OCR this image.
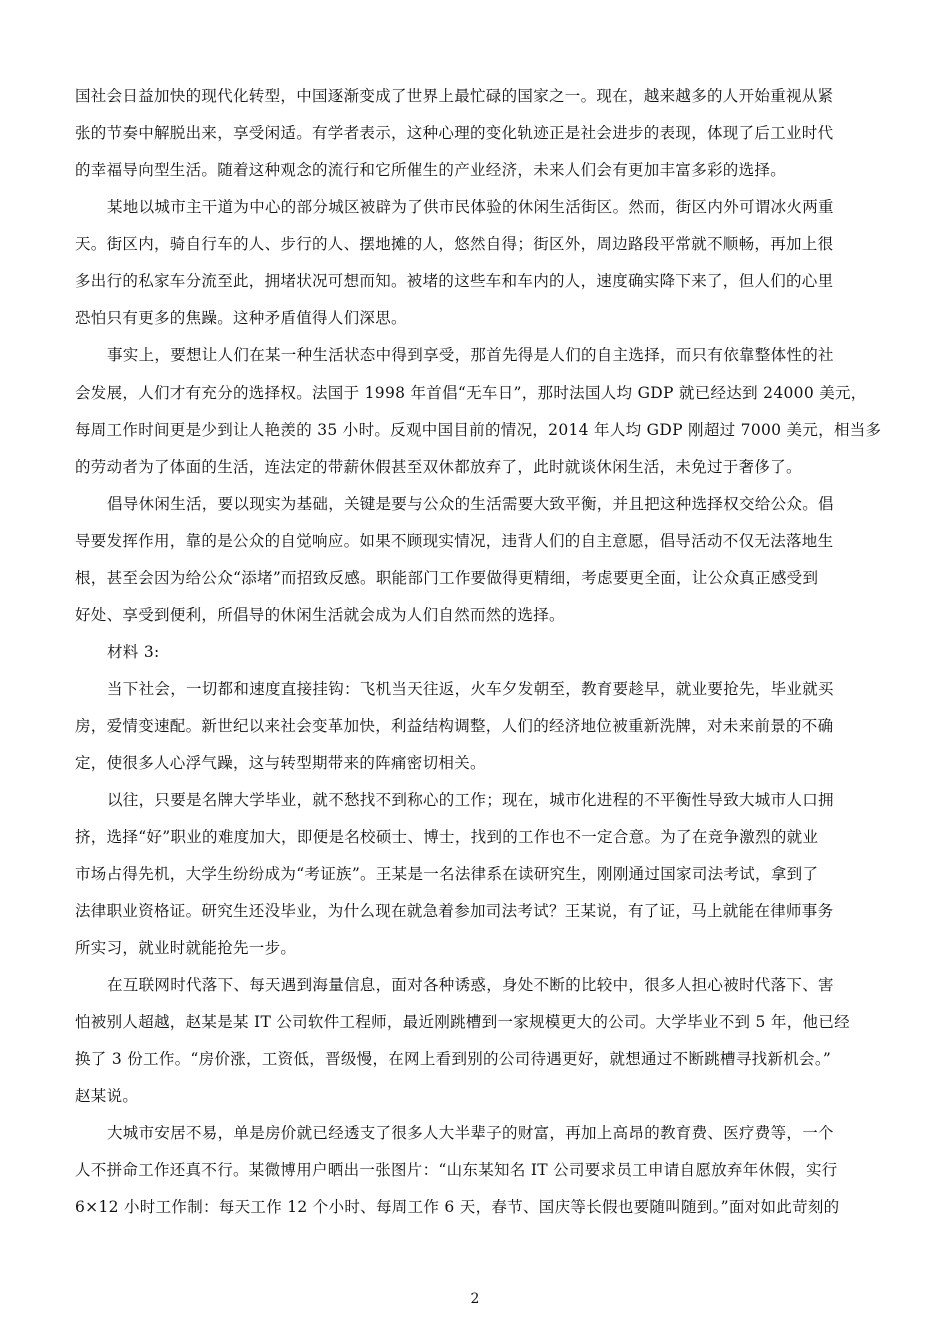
国社会日益加快的现代化转型，中国逐渐变成了世界上最忙碌的国家之一。现在，越来越多的人开始重视从紧
张的节奏中解脱出来，享受闲适。有学者表示，这种心理的变化轨迹正是社会进步的表现，体现了后工业时代
的幸福导向型生活。随着这种观念的流行和它所催生的产业经济，未来人们会有更加丰富多彩的选择。
某地以城市主干道为中心的部分城区被辟为了供市民体验的休闲生活街区。然而，街区内外可谓冰火两重
天。街区内，骑自行车的人、步行的人、摆地摊的人，悠然自得；街区外，周边路段平常就不顺畅，再加上很
多出行的私家车分流至此，拥堵状况可想而知。被堵的这些车和车内的人，速度确实降下来了，但人们的心里
恐怕只有更多的焦躁。这种矛盾值得人们深思。
事实上，要想让人们在某一种生活状态中得到享受，那首先得是人们的自主选择，而只有依靠整体性的社
会发展，人们才有充分的选择权。法国于 1998 年首倡“无车日”，那时法国人均 GDP 就已经达到 24000 美元，
每周工作时间更是少到让人艳羡的 35 小时。反观中国目前的情况，2014 年人均 GDP 刚超过 7000 美元，相当多
的劳动者为了体面的生活，连法定的带薪休假甚至双休都放弃了，此时就谈休闲生活，未免过于奢侈了。
倡导休闲生活，要以现实为基础，关键是要与公众的生活需要大致平衡，并且把这种选择权交给公众。倡
导要发挥作用，靠的是公众的自觉响应。如果不顾现实情况，违背人们的自主意愿，倡导活动不仅无法落地生
根，甚至会因为给公众“添堵”而招致反感。职能部门工作要做得更精细，考虑要更全面，让公众真正感受到
好处、享受到便利，所倡导的休闲生活就会成为人们自然而然的选择。
材料 3:
当下社会，一切都和速度直接挂钩：飞机当天往返，火车夕发朝至，教育要趁早，就业要抢先，毕业就买
房，爱情变速配。新世纪以来社会变革加快，利益结构调整，人们的经济地位被重新洗牌，对未来前景的不确
定，使很多人心浮气躁，这与转型期带来的阵痛密切相关。
以往，只要是名牌大学毕业，就不愁找不到称心的工作；现在，城市化进程的不平衡性导致大城市人口拥
挤，选择“好”职业的难度加大，即便是名校硕士、博士，找到的工作也不一定合意。为了在竞争激烈的就业
市场占得先机，大学生纷纷成为“考证族”。王某是一名法律系在读研究生，刚刚通过国家司法考试，拿到了
法律职业资格证。研究生还没毕业，为什么现在就急着参加司法考试？王某说，有了证，马上就能在律师事务
所实习，就业时就能抢先一步。
在互联网时代落下、每天遇到海量信息，面对各种诱惑，身处不断的比较中，很多人担心被时代落下、害
怕被别人超越，赵某是某 IT 公司软件工程师，最近刚跳槽到一家规模更大的公司。大学毕业不到 5 年，他已经
换了 3 份工作。“房价涨，工资低，晋级慢，在网上看到别的公司待遇更好，就想通过不断跳槽寻找新机会。”
赵某说。
大城市安居不易，单是房价就已经透支了很多人大半辈子的财富，再加上高昂的教育费、医疗费等，一个
人不拼命工作还真不行。某微博用户晒出一张图片：“山东某知名 IT 公司要求员工申请自愿放弃年休假，实行
6×12 小时工作制：每天工作 12 个小时、每周工作 6 天，春节、国庆等长假也要随叫随到。”面对如此苛刻的
2
